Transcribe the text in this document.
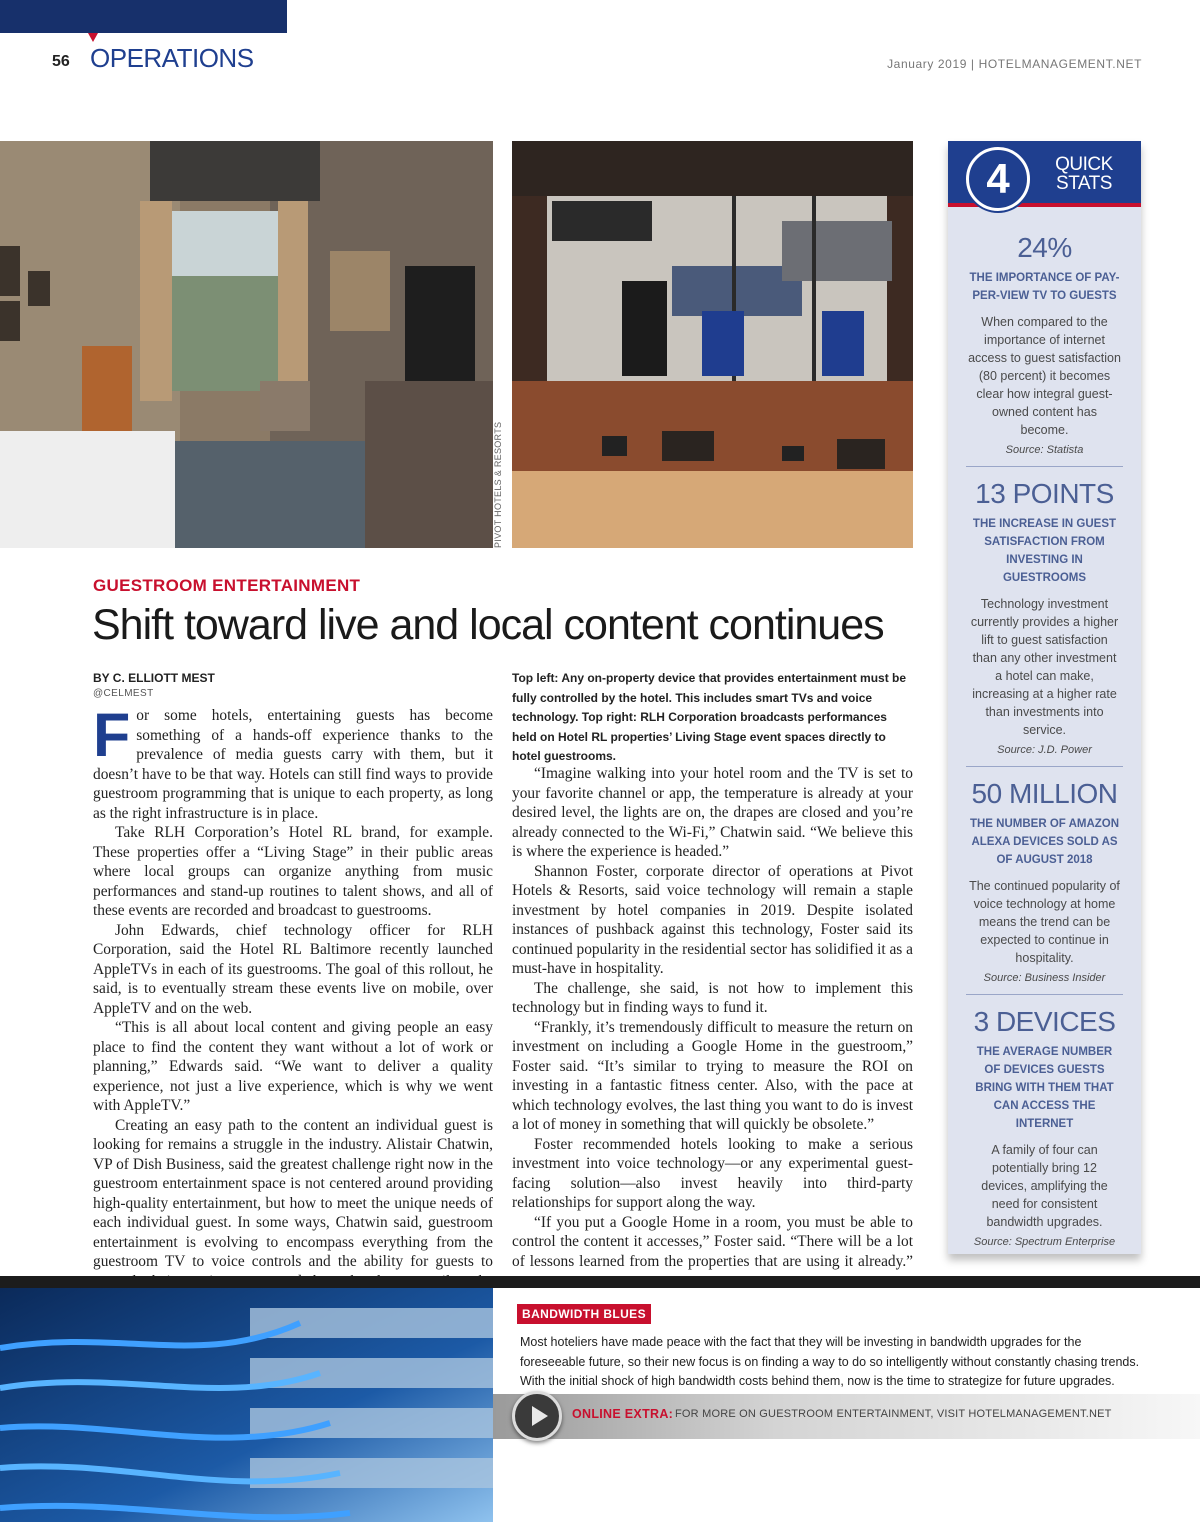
56 OPERATIONS	January 2019 | HOTELMANAGEMENT.NET
PIVOT HOTELS & RESORTS
GUESTROOM ENTERTAINMENT
Shift toward live and local content continues
BY C. ELLIOTT MEST
@CELMEST

For some hotels, entertaining guests has become something of a hands-off experience thanks to the prevalence of media guests carry with them, but it doesn’t have to be that way. Hotels can still find ways to provide guestroom programming that is unique to each property, as long as the right infrastructure is in place.

Take RLH Corporation’s Hotel RL brand, for example. These properties offer a “Living Stage” in their public areas where local groups can organize anything from music performances and stand-up routines to talent shows, and all of these events are recorded and broadcast to guestrooms.

John Edwards, chief technology officer for RLH Corporation, said the Hotel RL Baltimore recently launched AppleTVs in each of its guestrooms. The goal of this rollout, he said, is to eventually stream these events live on mobile, over AppleTV and on the web.

“This is all about local content and giving people an easy place to find the content they want without a lot of work or planning,” Edwards said. “We want to deliver a quality experience, not just a live experience, which is why we went with AppleTV.”

Creating an easy path to the content an individual guest is looking for remains a struggle in the industry. Alistair Chatwin, VP of Dish Business, said the greatest challenge right now in the guestroom entertainment space is not centered around providing high-quality entertainment, but how to meet the unique needs of each individual guest. In some ways, Chatwin said, guestroom entertainment is evolving to encompass everything from the guestroom TV to voice controls and the ability for guests to

Top left: Any on-property device that provides entertainment must be fully controlled by the hotel. This includes smart TVs and voice technology. Top right: RLH Corporation broadcasts performances held on Hotel RL properties’ Living Stage event spaces directly to hotel guestrooms.

“Imagine walking into your hotel room and the TV is set to your favorite channel or app, the temperature is already at your desired level, the lights are on, the drapes are closed and you’re already connected to the Wi-Fi,” Chatwin said. “We believe this is where the experience is headed.”

Shannon Foster, corporate director of operations at Pivot Hotels & Resorts, said voice technology will remain a staple investment by hotel companies in 2019. Despite isolated instances of pushback against this technology, Foster said its continued popularity in the residential sector has solidified it as a must-have in hospitality.

The challenge, she said, is not how to implement this technology but in finding ways to fund it.

“Frankly, it’s tremendously difficult to measure the return on investment on including a Google Home in the guestroom,” Foster said. “It’s similar to trying to measure the ROI on investing in a fantastic fitness center. Also, with the pace at which technology evolves, the last thing you want to do is invest a lot of money in something that will quickly be obsolete.”

Foster recommended hotels looking to make a serious investment into voice technology—or any experimental guest-facing solution—also invest heavily into third-party relationships for support along the way.

“If you put a Google Home in a room, you must be able to control the content it accesses,” Foster said. “There will be a lot of lessons learned from the properties that are using it already.”

4	QUICK STATS
24%
THE IMPORTANCE OF PAY-PER-VIEW TV TO GUESTS
When compared to the importance of internet access to guest satisfaction (80 percent) it becomes clear how integral guest-owned content has become.
Source: Statista
13 POINTS
THE INCREASE IN GUEST SATISFACTION FROM INVESTING IN GUESTROOMS
Technology investment currently provides a higher lift to guest satisfaction than any other investment a hotel can make, increasing at a higher rate than investments into service.
Source: J.D. Power
50 MILLION
THE NUMBER OF AMAZON ALEXA DEVICES SOLD AS OF AUGUST 2018
The continued popularity of voice technology at home means the trend can be expected to continue in hospitality.
Source: Business Insider
3 DEVICES
THE AVERAGE NUMBER OF DEVICES GUESTS BRING WITH THEM THAT CAN ACCESS THE INTERNET
A family of four can potentially bring 12 devices, amplifying the need for consistent bandwidth upgrades.
Source: Spectrum Enterprise
BANDWIDTH BLUES
Most hoteliers have made peace with the fact that they will be investing in bandwidth upgrades for the foreseeable future, so their new focus is on finding a way to do so intelligently without constantly chasing trends. With the initial shock of high bandwidth costs behind them, now is the time to strategize for future upgrades.
ONLINE EXTRA: FOR MORE ON GUESTROOM ENTERTAINMENT, VISIT HOTELMANAGEMENT.NET
